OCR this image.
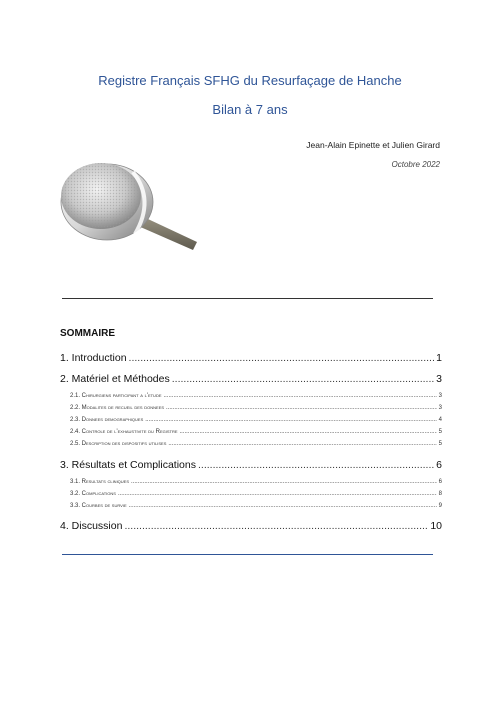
Registre Français SFHG du Resurfaçage de Hanche
Bilan à 7 ans
Jean-Alain Epinette et Julien Girard
Octobre 2022
SOMMAIRE
1. Introduction .....	1
2. Matériel et Méthodes .....	3
2.1. Chirurgiens participant a l'etude .....	3
2.2. Modalites de recueil des donnees .....	3
2.3. Donnees demographiques .....	4
2.4. Controle de l'exhaustivite du Registre .....	5
2.5. Description des dispositifs utilises .....	5
3. Résultats et Complications .....	6
3.1. Resultats cliniques .....	6
3.2. Complications .....	8
3.3. Courbes de survie .....	9
4. Discussion .....	10
